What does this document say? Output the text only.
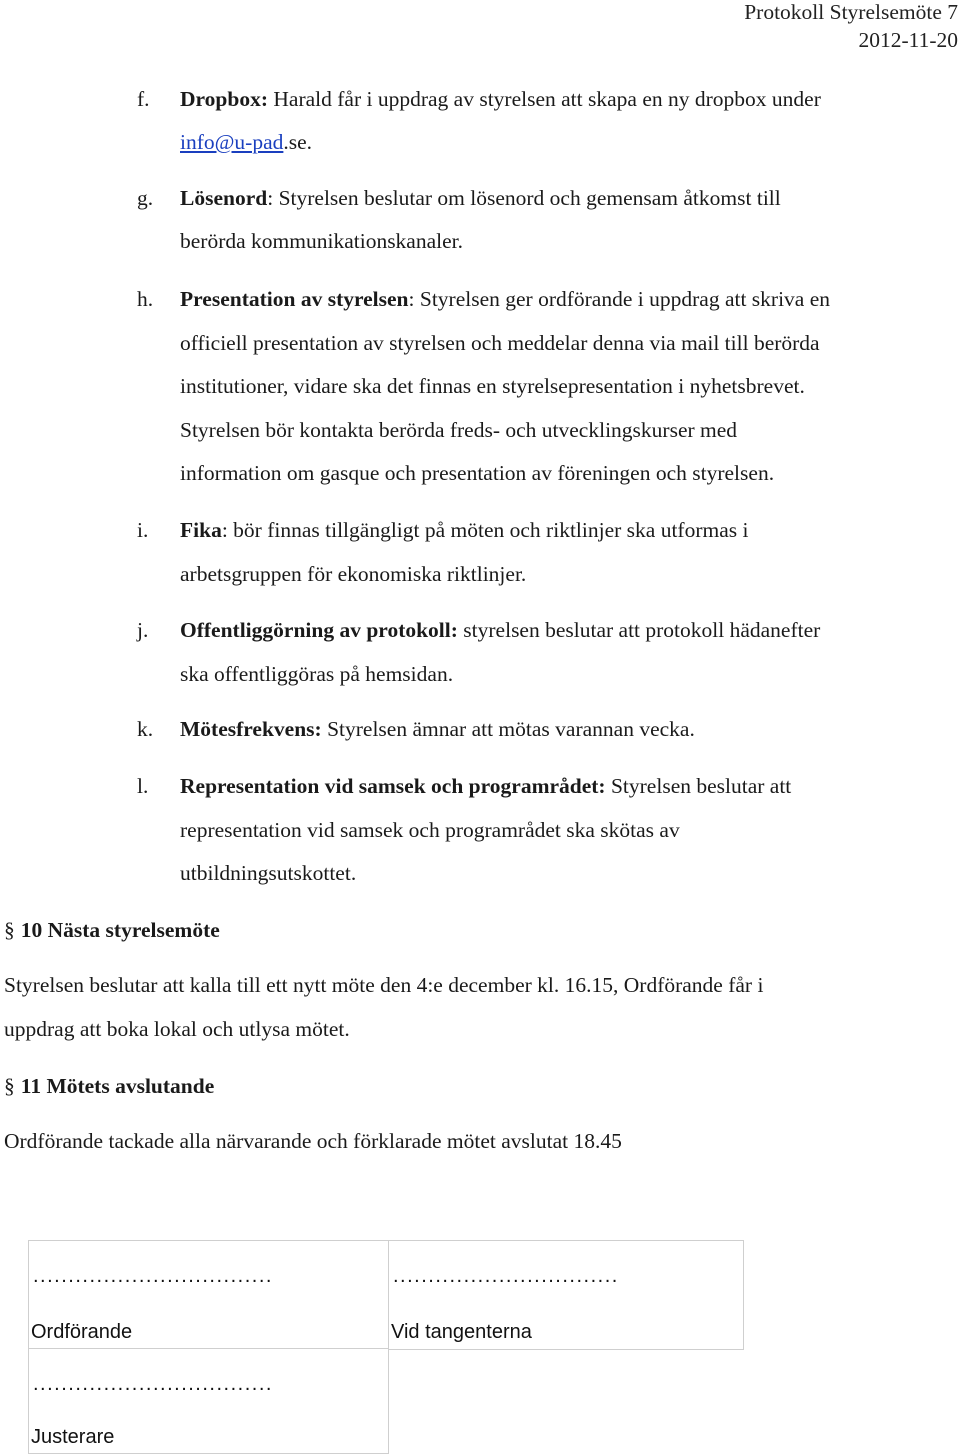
Protokoll Styrelsemöte 7
2012-11-20
f. Dropbox: Harald får i uppdrag av styrelsen att skapa en ny dropbox under
info@u-pad.se.
g. Lösenord: Styrelsen beslutar om lösenord och gemensam åtkomst till
berörda kommunikationskanaler.
h. Presentation av styrelsen: Styrelsen ger ordförande i uppdrag att skriva en
officiell presentation av styrelsen och meddelar denna via mail till berörda
institutioner, vidare ska det finnas en styrelsepresentation i nyhetsbrevet.
Styrelsen bör kontakta berörda freds- och utvecklingskurser med
information om gasque och presentation av föreningen och styrelsen.
i. Fika: bör finnas tillgängligt på möten och riktlinjer ska utformas i
arbetsgruppen för ekonomiska riktlinjer.
j. Offentliggörning av protokoll: styrelsen beslutar att protokoll hädanefter
ska offentliggöras på hemsidan.
k. Mötesfrekvens: Styrelsen ämnar att mötas varannan vecka.
l. Representation vid samsek och programrådet: Styrelsen beslutar att
representation vid samsek och programrådet ska skötas av
utbildningsutskottet.
§ 10 Nästa styrelsemöte
Styrelsen beslutar att kalla till ett nytt möte den 4:e december kl. 16.15, Ordförande får i
uppdrag att boka lokal och utlysa mötet.
§ 11 Mötets avslutande
Ordförande tackade alla närvarande och förklarade mötet avslutat 18.45
..................................
Ordförande
................................
Vid tangenterna
..................................
Justerare
